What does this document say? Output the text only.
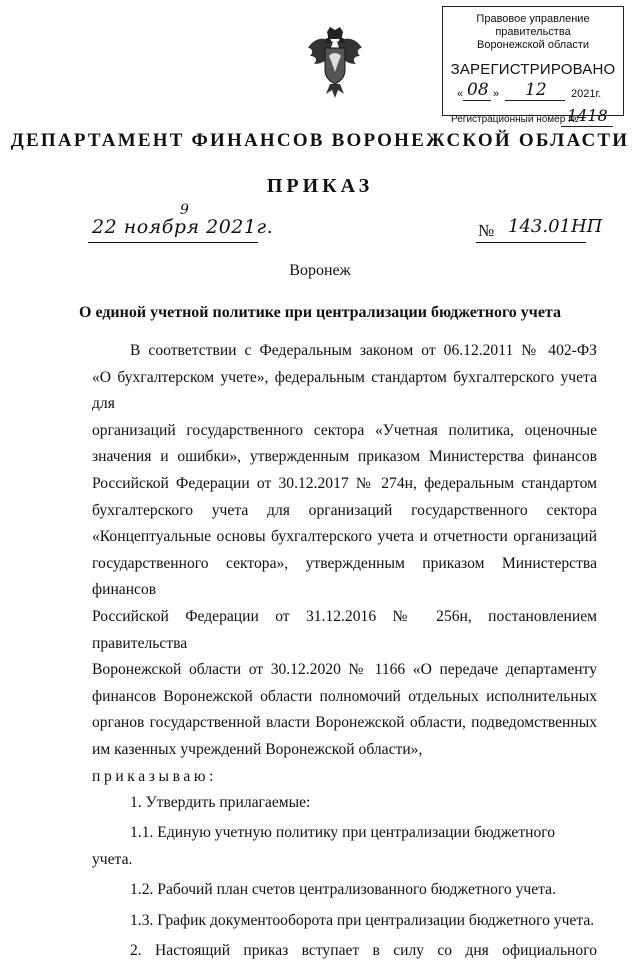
Правовое управление правительства
Воронежской области
ЗАРЕГИСТРИРОВАНО
« 08 » 12 2021г.
Регистрационный номер №
1418
ДЕПАРТАМЕНТ ФИНАНСОВ ВОРОНЕЖСКОЙ ОБЛАСТИ
ПРИКАЗ
22 ноября 2021г.
9
№ 143.01НП
Воронеж
О единой учетной политике при централизации бюджетного учета

В соответствии с Федеральным законом от 06.12.2011 № 402-ФЗ

«О бухгалтерском учете», федеральным стандартом бухгалтерского учета для

организаций государственного сектора «Учетная политика, оценочные

значения и ошибки», утвержденным приказом Министерства финансов

Российской Федерации от 30.12.2017 № 274н, федеральным стандартом

бухгалтерского учета для организаций государственного сектора

«Концептуальные основы бухгалтерского учета и отчетности организаций

государственного сектора», утвержденным приказом Министерства финансов

Российской Федерации от 31.12.2016 № 256н, постановлением правительства

Воронежской области от 30.12.2020 № 1166 «О передаче департаменту

финансов Воронежской области полномочий отдельных исполнительных

органов государственной власти Воронежской области, подведомственных

им казенных учреждений Воронежской области»,

приказываю:

1. Утвердить прилагаемые:

1.1. Единую учетную политику при централизации бюджетного учета.

1.2. Рабочий план счетов централизованного бюджетного учета.

1.3. График документооборота при централизации бюджетного учета.

2. Настоящий приказ вступает в силу со дня официального
